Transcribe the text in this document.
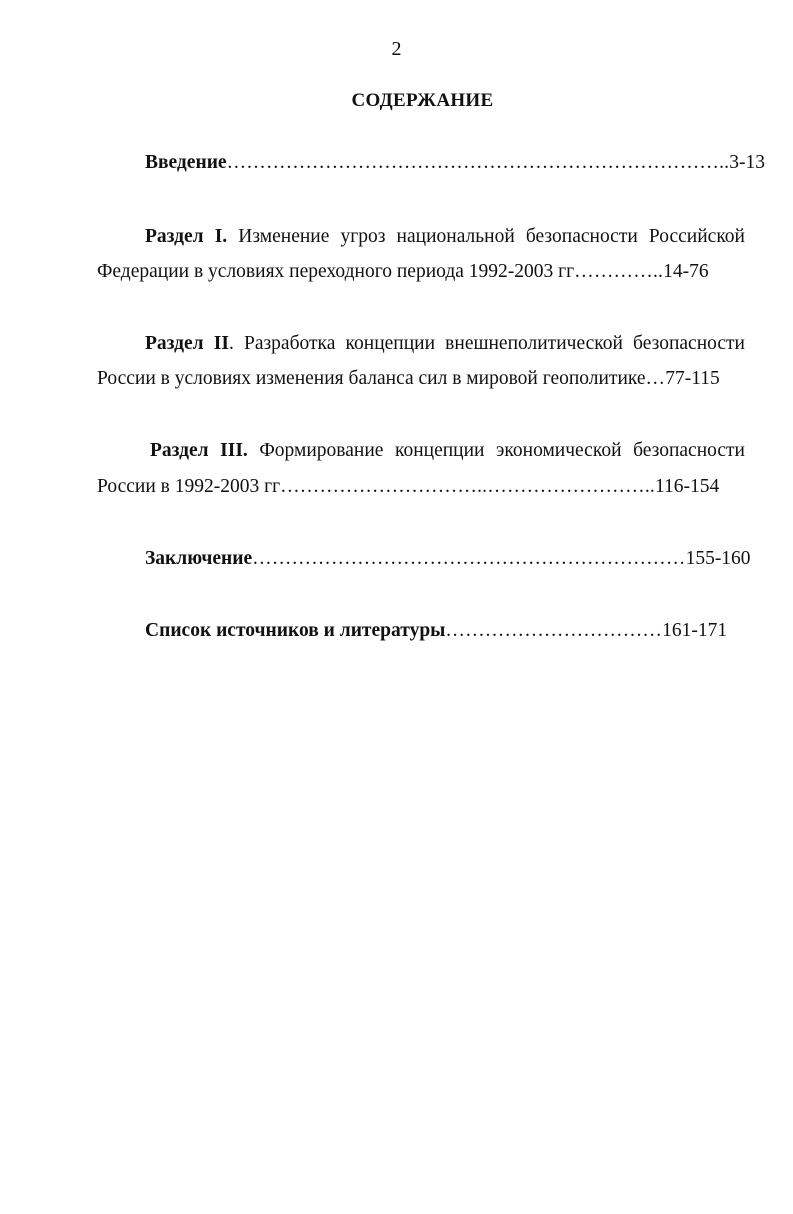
2
СОДЕРЖАНИЕ
Введение…………………………………………………………………..3-13
Раздел I. Изменение угроз национальной безопасности Российской
Федерации в условиях переходного периода 1992-2003 гг…………..14-76
Раздел II. Разработка концепции внешнеполитической безопасности
России в условиях изменения баланса сил в мировой геополитике…77-115
Раздел III. Формирование концепции экономической безопасности
России в 1992-2003 гг…………………………..……………………..116-154
Заключение…………………………………………………………155-160
Список источников и литературы……………………………161-171
